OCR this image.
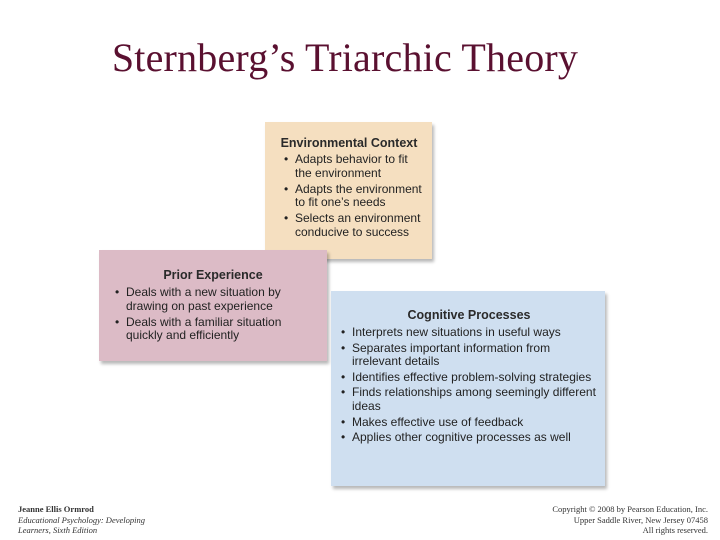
Sternberg’s Triarchic Theory
Environmental Context
• Adapts behavior to fit the environment
• Adapts the environment to fit one’s needs
• Selects an environment conducive to success
Prior Experience
• Deals with a new situation by drawing on past experience
• Deals with a familiar situation quickly and efficiently
Cognitive Processes
• Interprets new situations in useful ways
• Separates important information from irrelevant details
• Identifies effective problem-solving strategies
• Finds relationships among seemingly different ideas
• Makes effective use of feedback
• Applies other cognitive processes as well
Jeanne Ellis Ormrod
Educational Psychology: Developing
Learners, Sixth Edition
Copyright © 2008 by Pearson Education, Inc.
Upper Saddle River, New Jersey 07458
All rights reserved.
